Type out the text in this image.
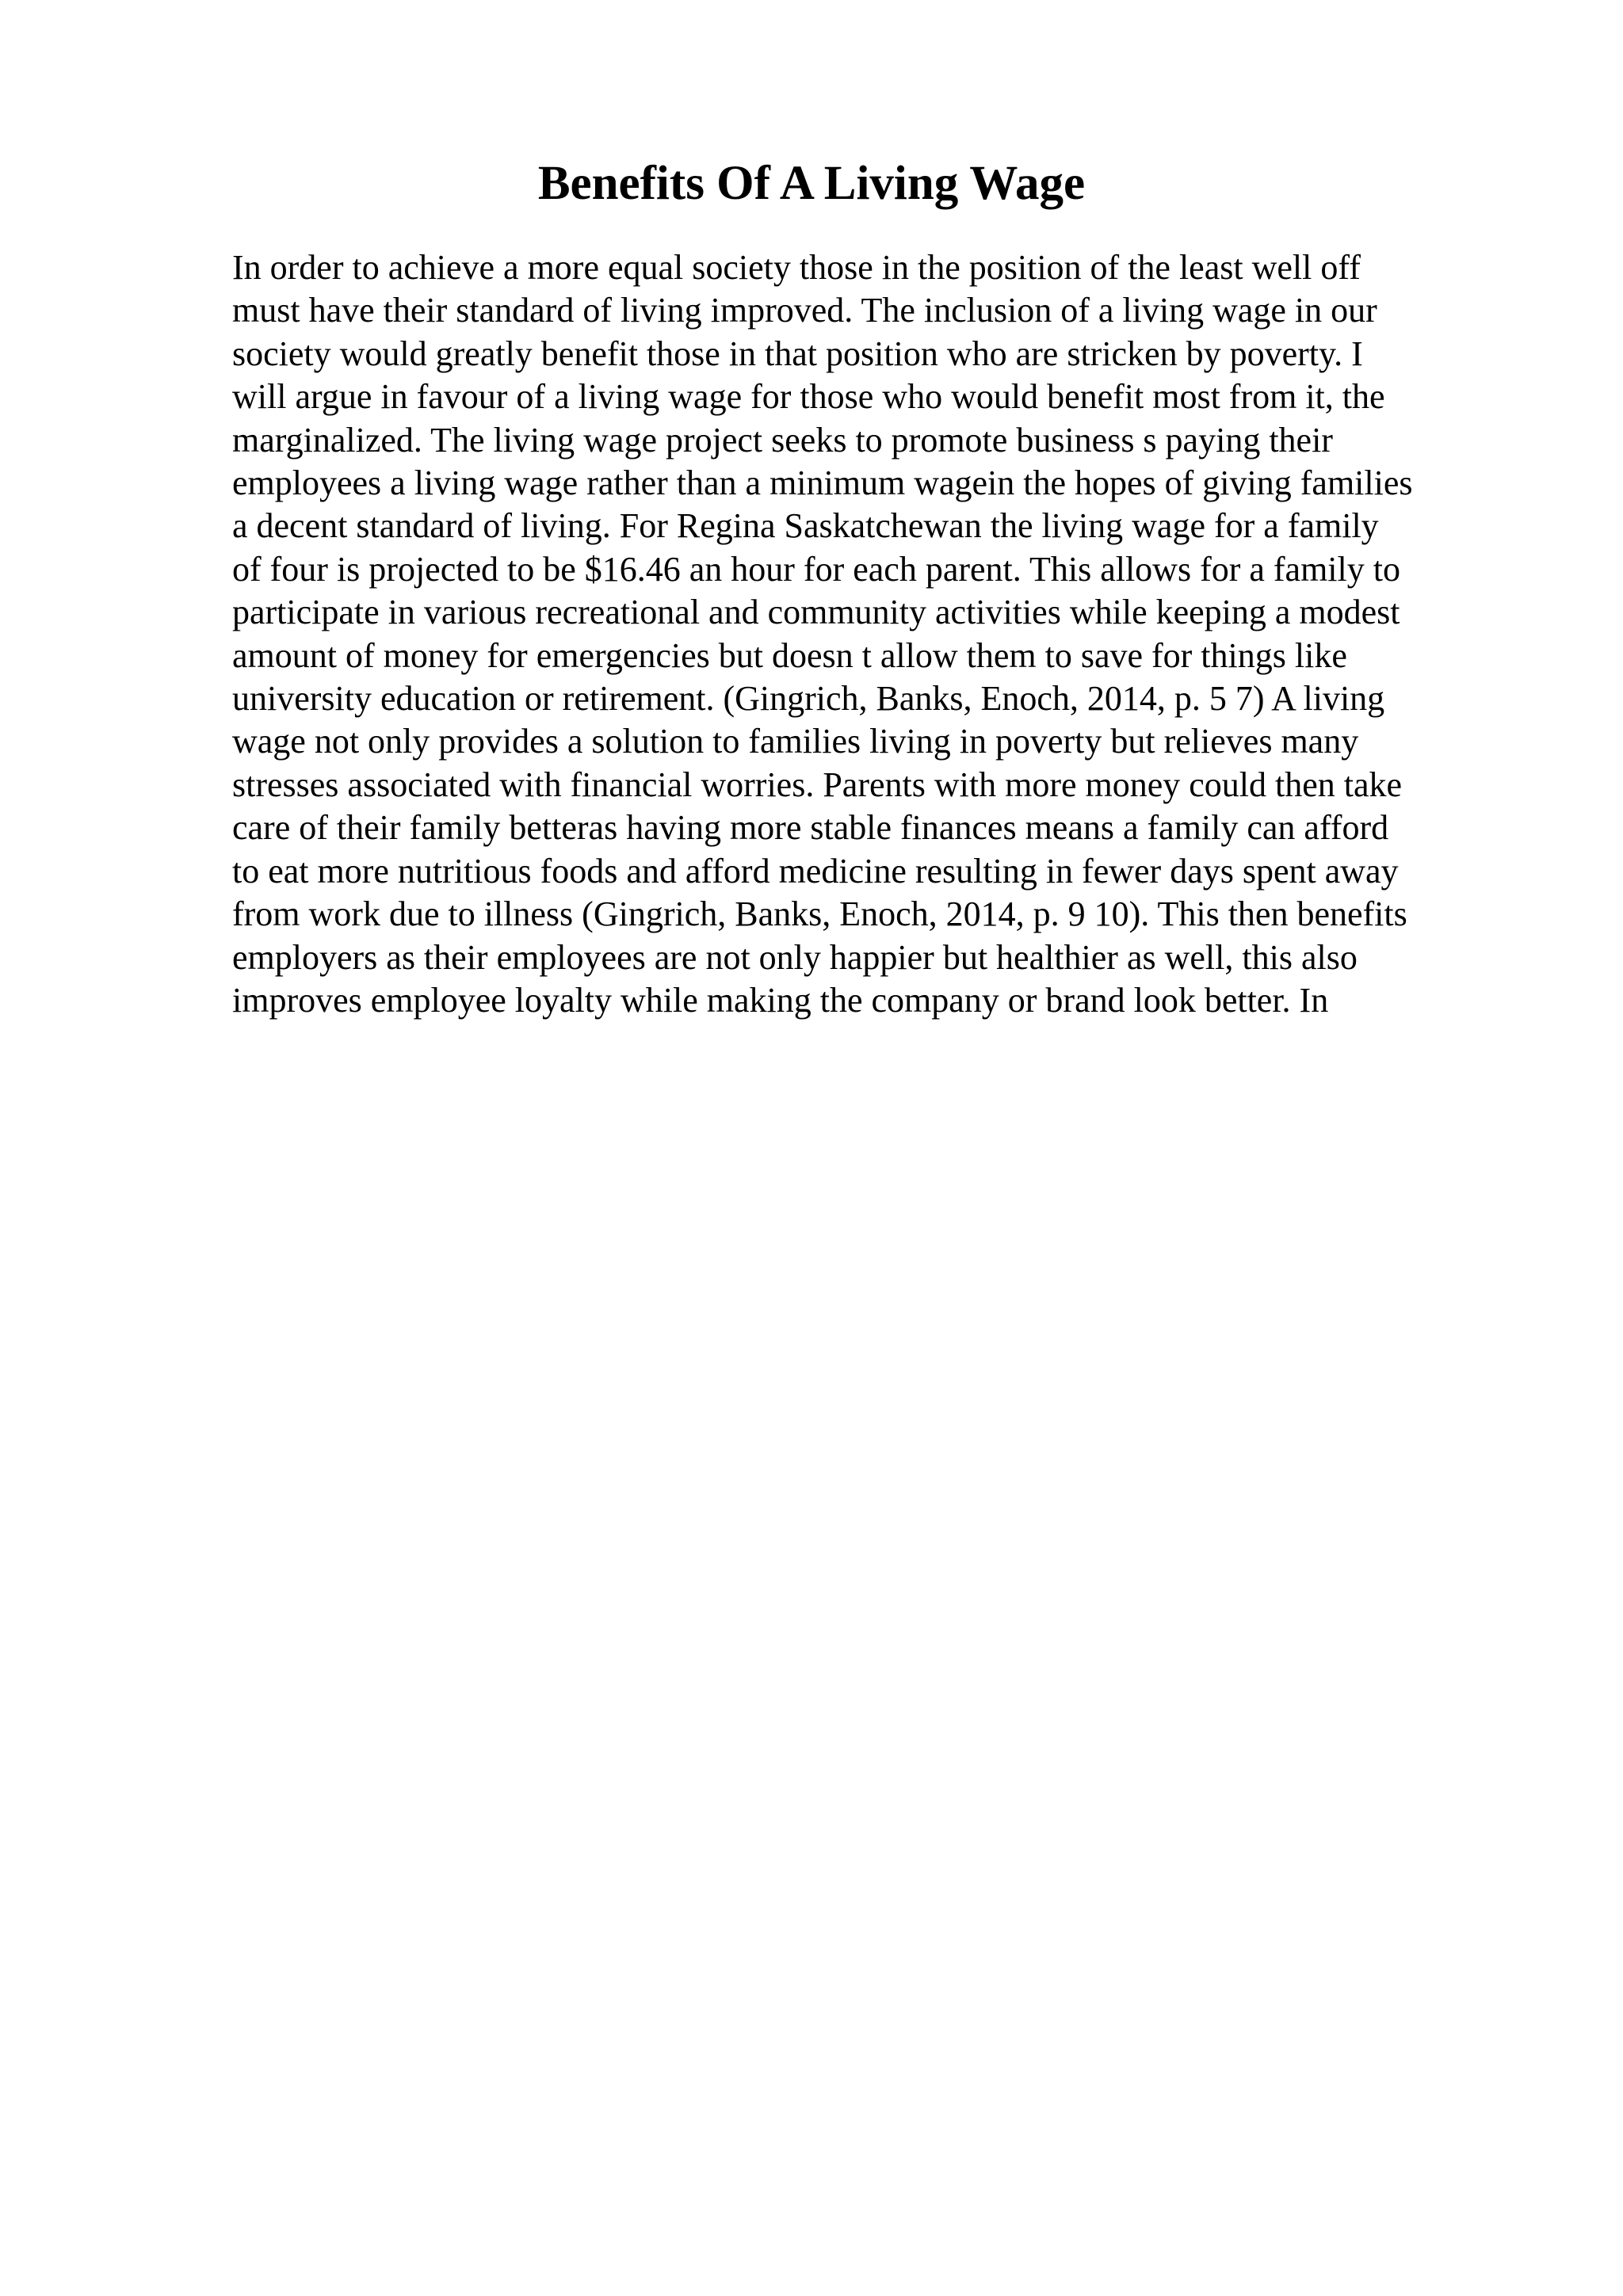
Benefits Of A Living Wage
In order to achieve a more equal society those in the position of the least well off
must have their standard of living improved. The inclusion of a living wage in our
society would greatly benefit those in that position who are stricken by poverty. I
will argue in favour of a living wage for those who would benefit most from it, the
marginalized. The living wage project seeks to promote business s paying their
employees a living wage rather than a minimum wagein the hopes of giving families
a decent standard of living. For Regina Saskatchewan the living wage for a family
of four is projected to be $16.46 an hour for each parent. This allows for a family to
participate in various recreational and community activities while keeping a modest
amount of money for emergencies but doesn t allow them to save for things like
university education or retirement. (Gingrich, Banks, Enoch, 2014, p. 5 7) A living
wage not only provides a solution to families living in poverty but relieves many
stresses associated with financial worries. Parents with more money could then take
care of their family betteras having more stable finances means a family can afford
to eat more nutritious foods and afford medicine resulting in fewer days spent away
from work due to illness (Gingrich, Banks, Enoch, 2014, p. 9 10). This then benefits
employers as their employees are not only happier but healthier as well, this also
improves employee loyalty while making the company or brand look better. In
